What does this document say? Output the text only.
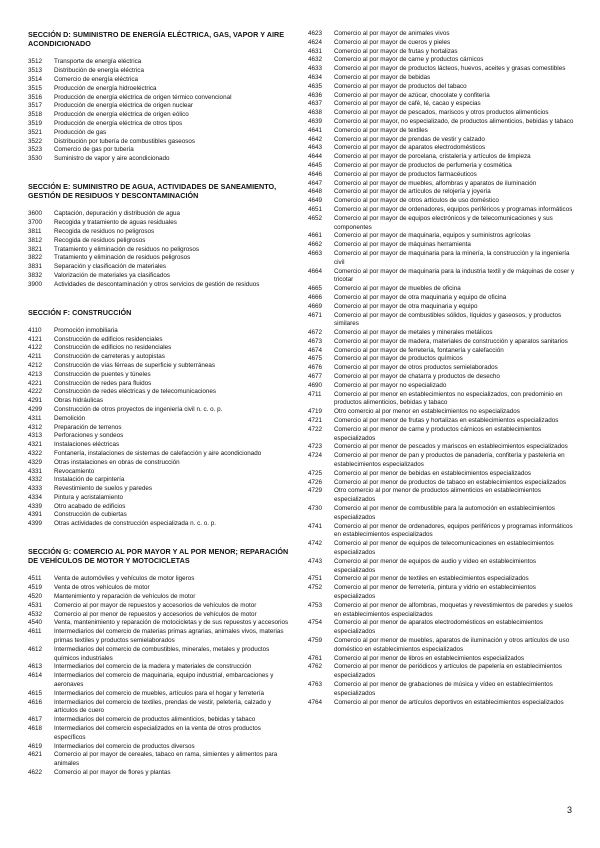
SECCIÓN D: SUMINISTRO DE ENERGÍA ELÉCTRICA, GAS, VAPOR Y AIRE ACONDICIONADO
3512	Transporte de energía eléctrica
3513	Distribución de energía eléctrica
3514	Comercio de energía eléctrica
3515	Producción de energía hidroeléctrica
3516	Producción de energía eléctrica de origen térmico convencional
3517	Producción de energía eléctrica de origen nuclear
3518	Producción de energía eléctrica de origen eólico
3519	Producción de energía eléctrica de otros tipos
3521	Producción de gas
3522	Distribución por tubería de combustibles gaseosos
3523	Comercio de gas por tubería
3530	Suministro de vapor y aire acondicionado
SECCIÓN E: SUMINISTRO DE AGUA, ACTIVIDADES DE SANEAMIENTO, GESTIÓN DE RESIDUOS Y DESCONTAMINACIÓN
3600	Captación, depuración y distribución de agua
3700	Recogida y tratamiento de aguas residuales
3811	Recogida de residuos no peligrosos
3812	Recogida de residuos peligrosos
3821	Tratamiento y eliminación de residuos no peligrosos
3822	Tratamiento y eliminación de residuos peligrosos
3831	Separación y clasificación de materiales
3832	Valorización de materiales ya clasificados
3900	Actividades de descontaminación y otros servicios de gestión de residuos
SECCIÓN F: CONSTRUCCIÓN
4110	Promoción inmobiliaria
4121	Construcción de edificios residenciales
4122	Construcción de edificios no residenciales
4211	Construcción de carreteras y autopistas
4212	Construcción de vías férreas de superficie y subterráneas
4213	Construcción de puentes y túneles
4221	Construcción de redes para fluidos
4222	Construcción de redes eléctricas y de telecomunicaciones
4291	Obras hidráulicas
4299	Construcción de otros proyectos de ingeniería civil n. c. o. p.
4311	Demolición
4312	Preparación de terrenos
4313	Perforaciones y sondeos
4321	Instalaciones eléctricas
4322	Fontanería, instalaciones de sistemas de calefacción y aire acondicionado
4329	Otras instalaciones en obras de construcción
4331	Revocamiento
4332	Instalación de carpintería
4333	Revestimiento de suelos y paredes
4334	Pintura y acristalamiento
4339	Otro acabado de edificios
4391	Construcción de cubiertas
4399	Otras actividades de construcción especializada n. c. o. p.
SECCIÓN G: COMERCIO AL POR MAYOR Y AL POR MENOR; REPARACIÓN DE VEHÍCULOS DE MOTOR Y MOTOCICLETAS
4511	Venta de automóviles y vehículos de motor ligeros
4519	Venta de otros vehículos de motor
4520	Mantenimiento y reparación de vehículos de motor
4531	Comercio al por mayor de repuestos y accesorios de vehículos de motor
4532	Comercio al por menor de repuestos y accesorios de vehículos de motor
4540	Venta, mantenimiento y reparación de motocicletas y de sus repuestos y accesorios
4611	Intermediarios del comercio de materias primas agrarias, animales vivos, materias primas textiles y productos semielaborados
4612	Intermediarios del comercio de combustibles, minerales, metales y productos químicos industriales
4613	Intermediarios del comercio de la madera y materiales de construcción
4614	Intermediarios del comercio de maquinaria, equipo industrial, embarcaciones y aeronaves
4615	Intermediarios del comercio de muebles, artículos para el hogar y ferretería
4616	Intermediarios del comercio de textiles, prendas de vestir, peletería, calzado y artículos de cuero
4617	Intermediarios del comercio de productos alimenticios, bebidas y tabaco
4618	Intermediarios del comercio especializados en la venta de otros productos específicos
4619	Intermediarios del comercio de productos diversos
4621	Comercio al por mayor de cereales, tabaco en rama, simientes y alimentos para animales
4622	Comercio al por mayor de flores y plantas
4623	Comercio al por mayor de animales vivos
4624	Comercio al por mayor de cueros y pieles
4631	Comercio al por mayor de frutas y hortalizas
4632	Comercio al por mayor de carne y productos cárnicos
4633	Comercio al por mayor de productos lácteos, huevos, aceites y grasas comestibles
4634	Comercio al por mayor de bebidas
4635	Comercio al por mayor de productos del tabaco
4636	Comercio al por mayor de azúcar, chocolate y confitería
4637	Comercio al por mayor de café, té, cacao y especias
4638	Comercio al por mayor de pescados, mariscos y otros productos alimenticios
4639	Comercio al por mayor, no especializado, de productos alimenticios, bebidas y tabaco
4641	Comercio al por mayor de textiles
4642	Comercio al por mayor de prendas de vestir y calzado
4643	Comercio al por mayor de aparatos electrodomésticos
4644	Comercio al por mayor de porcelana, cristalería y artículos de limpieza
4645	Comercio al por mayor de productos de perfumería y cosmética
4646	Comercio al por mayor de productos farmacéuticos
4647	Comercio al por mayor de muebles, alfombras y aparatos de iluminación
4648	Comercio al por mayor de artículos de relojería y joyería
4649	Comercio al por mayor de otros artículos de uso doméstico
4651	Comercio al por mayor de ordenadores, equipos periféricos y programas informáticos
4652	Comercio al por mayor de equipos electrónicos y de telecomunicaciones y sus componentes
4661	Comercio al por mayor de maquinaria, equipos y suministros agrícolas
4662	Comercio al por mayor de máquinas herramienta
4663	Comercio al por mayor de maquinaria para la minería, la construcción y la ingeniería civil
4664	Comercio al por mayor de maquinaria para la industria textil y de máquinas de coser y tricotar
4665	Comercio al por mayor de muebles de oficina
4666	Comercio al por mayor de otra maquinaria y equipo de oficina
4669	Comercio al por mayor de otra maquinaria y equipo
4671	Comercio al por mayor de combustibles sólidos, líquidos y gaseosos, y productos similares
4672	Comercio al por mayor de metales y minerales metálicos
4673	Comercio al por mayor de madera, materiales de construcción y aparatos sanitarios
4674	Comercio al por mayor de ferretería, fontanería y calefacción
4675	Comercio al por mayor de productos químicos
4676	Comercio al por mayor de otros productos semielaborados
4677	Comercio al por mayor de chatarra y productos de desecho
4690	Comercio al por mayor no especializado
4711	Comercio al por menor en establecimientos no especializados, con predominio en productos alimenticios, bebidas y tabaco
4719	Otro comercio al por menor en establecimientos no especializados
4721	Comercio al por menor de frutas y hortalizas en establecimientos especializados
4722	Comercio al por menor de carne y productos cárnicos en establecimientos especializados
4723	Comercio al por menor de pescados y mariscos en establecimientos especializados
4724	Comercio al por menor de pan y productos de panadería, confitería y pastelería en establecimientos especializados
4725	Comercio al por menor de bebidas en establecimientos especializados
4726	Comercio al por menor de productos de tabaco en establecimientos especializados
4729	Otro comercio al por menor de productos alimenticios en establecimientos especializados
4730	Comercio al por menor de combustible para la automoción en establecimientos especializados
4741	Comercio al por menor de ordenadores, equipos periféricos y programas informáticos en establecimientos especializados
4742	Comercio al por menor de equipos de telecomunicaciones en establecimientos especializados
4743	Comercio al por menor de equipos de audio y vídeo en establecimientos especializados
4751	Comercio al por menor de textiles en establecimientos especializados
4752	Comercio al por menor de ferretería, pintura y vidrio en establecimientos especializados
4753	Comercio al por menor de alfombras, moquetas y revestimientos de paredes y suelos en establecimientos especializados
4754	Comercio al por menor de aparatos electrodomésticos en establecimientos especializados
4759	Comercio al por menor de muebles, aparatos de iluminación y otros artículos de uso doméstico en establecimientos especializados
4761	Comercio al por menor de libros en establecimientos especializados
4762	Comercio al por menor de periódicos y artículos de papelería en establecimientos especializados
4763	Comercio al por menor de grabaciones de música y vídeo en establecimientos especializados
4764	Comercio al por menor de artículos deportivos en establecimientos especializados
3
